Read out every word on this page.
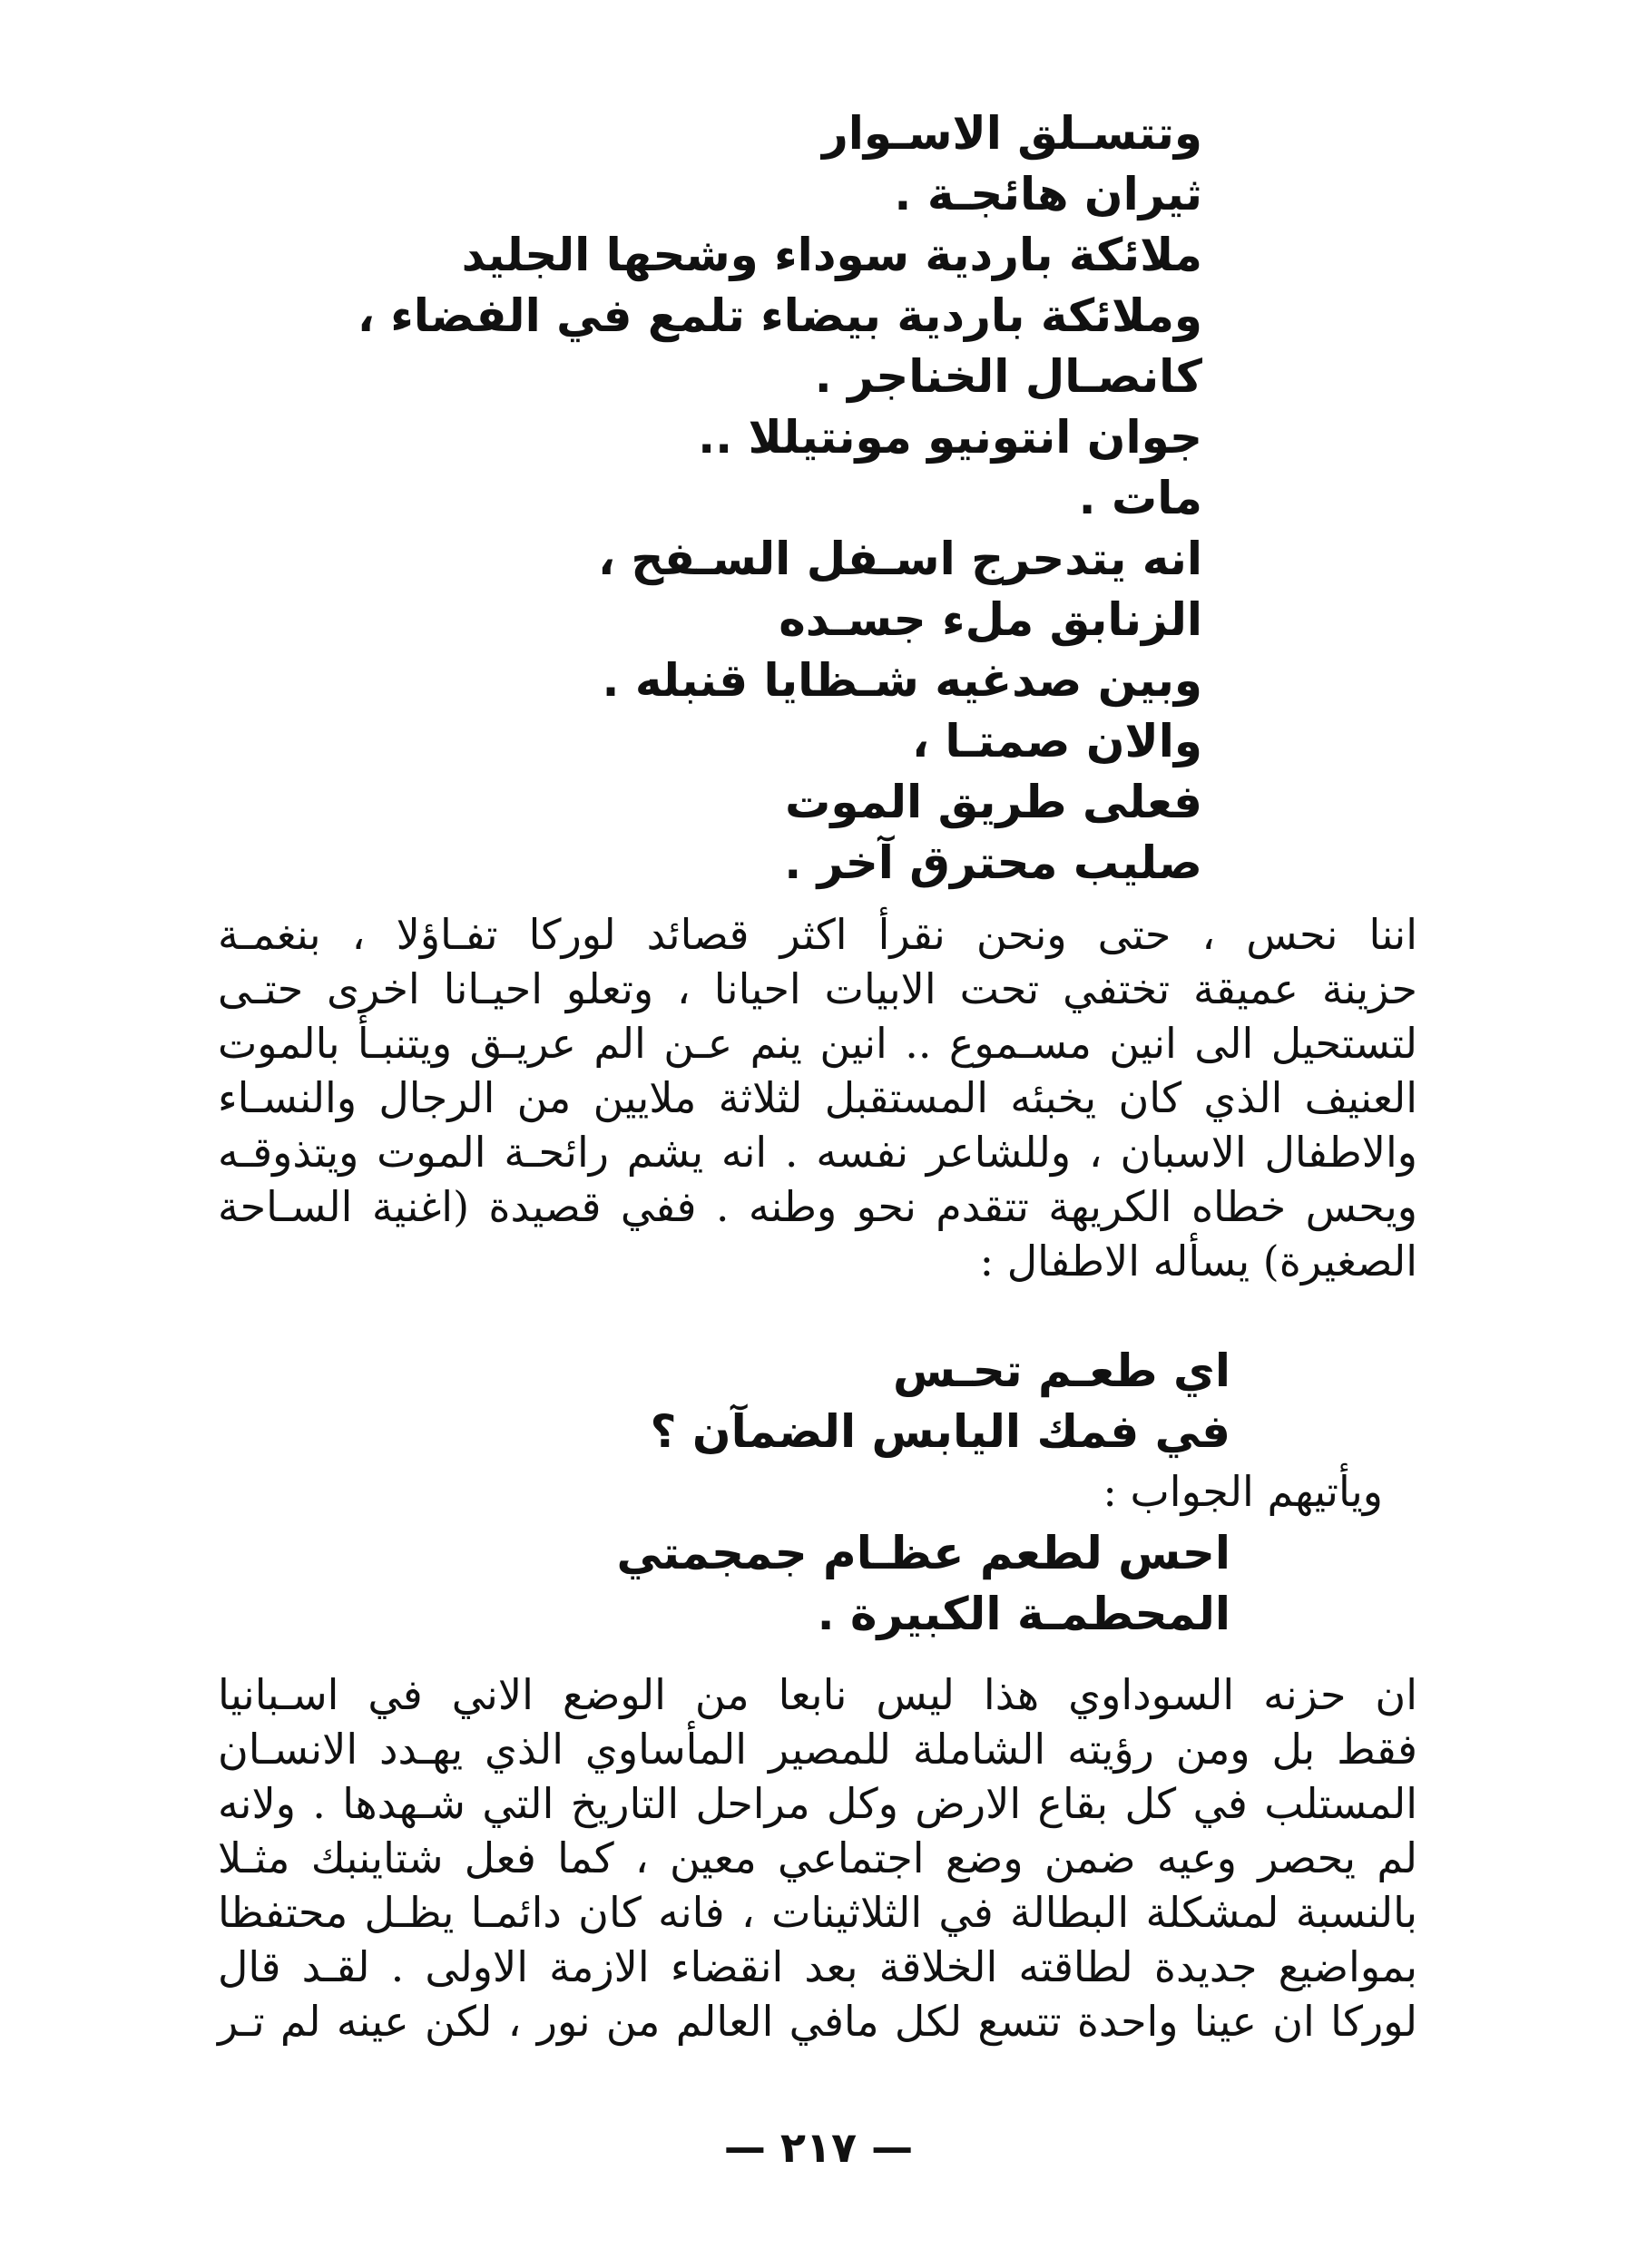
وتتسـلق الاسـوار
ثيران هائجـة .
ملائكة باردية سوداء وشحها الجليد
وملائكة باردية بيضاء تلمع في الفضاء ،
كانصـال الخناجر .
جوان انتونيو مونتيللا ..
مات .
انه يتدحرج اسـفل السـفح ،
الزنابق ملء جسـده
وبين صدغيه شـظايا قنبله .
والان صمتـا ،
فعلى طريق الموت
صليب محترق آخر .
اننا نحس ، حتى ونحن نقرأ اكثر قصائد لوركا تفـاؤلا ، بنغمـة
حزينة عميقة تختفي تحت الابيات احيانا ، وتعلو احيـانا اخرى حتـى
لتستحيل الى انين مسـموع .. انين ينم عـن الم عريـق ويتنبـأ بالموت
العنيف الذي كان يخبئه المستقبل لثلاثة ملايين من الرجال والنسـاء
والاطفال الاسبان ، وللشاعر نفسه . انه يشم رائحـة الموت ويتذوقـه
ويحس خطاه الكريهة تتقدم نحو وطنه . ففي قصيدة (اغنية السـاحة
الصغيرة) يسأله الاطفال :
اي طعـم تحـس
في فمك اليابس الضمآن ؟
ويأتيهم الجواب :
احس لطعم عظـام جمجمتي
المحطمـة الكبيرة .
ان حزنه السوداوي هذا ليس نابعا من الوضع الاني في اسـبانيا
فقط بل ومن رؤيته الشاملة للمصير المأساوي الذي يهـدد الانسـان
المستلب في كل بقاع الارض وكل مراحل التاريخ التي شـهدها . ولانه
لم يحصر وعيه ضمن وضع اجتماعي معين ، كما فعل شتاينبك مثـلا
بالنسبة لمشكلة البطالة في الثلاثينات ، فانه كان دائمـا يظـل محتفظا
بمواضيع جديدة لطاقته الخلاقة بعد انقضاء الازمة الاولى . لقـد قال
لوركا ان عينا واحدة تتسع لكل مافي العالم من نور ، لكن عينه لم تـر
— ٢١٧ —
